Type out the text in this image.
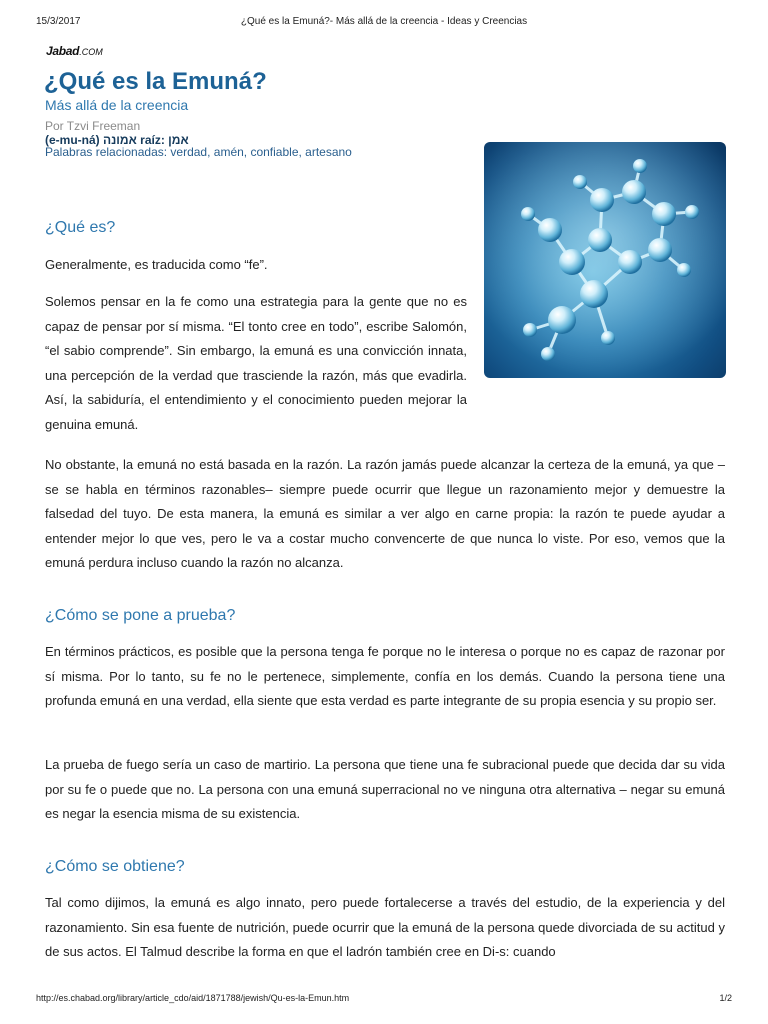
15/3/2017	¿Qué es la Emuná?- Más allá de la creencia - Ideas y Creencias
Jabad.COM
¿Qué es la Emuná?
Más allá de la creencia
Por Tzvi Freeman
(e-mu-ná) אמונה raíz: אמן
Palabras relacionadas: verdad, amén, confiable, artesano
¿Qué es?

Generalmente, es traducida como “fe”.

Solemos pensar en la fe como una estrategia para la gente que no es capaz de pensar por sí misma. “El tonto cree en todo”, escribe Salomón, “el sabio comprende”. Sin embargo, la emuná es una convicción innata, una percepción de la verdad que trasciende la razón, más que evadirla. Así, la sabiduría, el entendimiento y el conocimiento pueden mejorar la genuina emuná.

No obstante, la emuná no está basada en la razón. La razón jamás puede alcanzar la certeza de la emuná, ya que –se se habla en términos razonables– siempre puede ocurrir que llegue un razonamiento mejor y demuestre la falsedad del tuyo. De esta manera, la emuná es similar a ver algo en carne propia: la razón te puede ayudar a entender mejor lo que ves, pero le va a costar mucho convencerte de que nunca lo viste. Por eso, vemos que la emuná perdura incluso cuando la razón no alcanza.

¿Cómo se pone a prueba?

En términos prácticos, es posible que la persona tenga fe porque no le interesa o porque no es capaz de razonar por sí misma. Por lo tanto, su fe no le pertenece, simplemente, confía en los demás. Cuando la persona tiene una profunda emuná en una verdad, ella siente que esta verdad es parte integrante de su propia esencia y su propio ser.

La prueba de fuego sería un caso de martirio. La persona que tiene una fe subracional puede que decida dar su vida por su fe o puede que no. La persona con una emuná superracional no ve ninguna otra alternativa – negar su emuná es negar la esencia misma de su existencia.

¿Cómo se obtiene?

Tal como dijimos, la emuná es algo innato, pero puede fortalecerse a través del estudio, de la experiencia y del razonamiento. Sin esa fuente de nutrición, puede ocurrir que la emuná de la persona quede divorciada de su actitud y de sus actos. El Talmud describe la forma en que el ladrón también cree en Di-s: cuando

http://es.chabad.org/library/article_cdo/aid/1871788/jewish/Qu-es-la-Emun.htm	1/2
